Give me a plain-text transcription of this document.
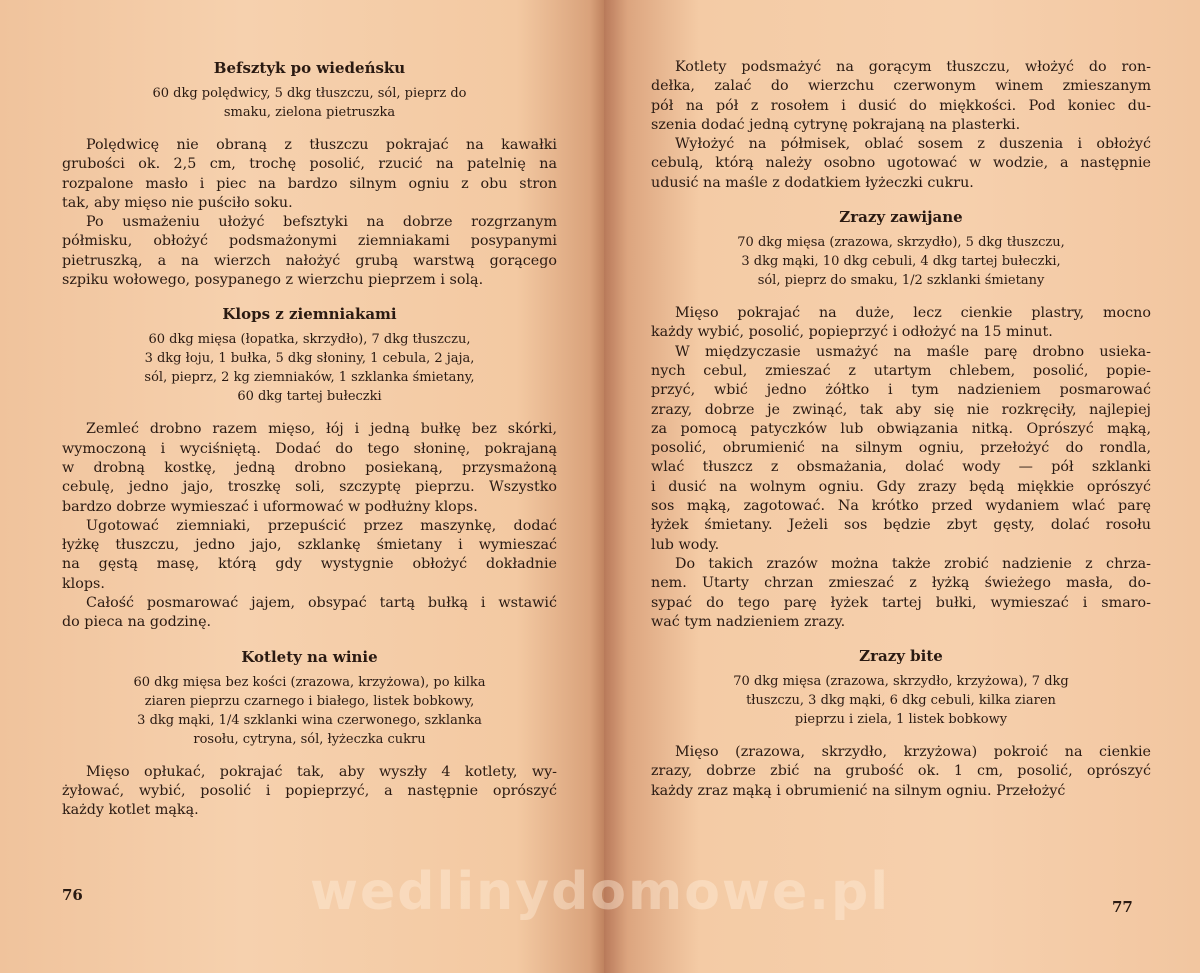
Befsztyk po wiedeńsku
60 dkg polędwicy, 5 dkg tłuszczu, sól, pieprz do
smaku, zielona pietruszka
Polędwicę nie obraną z tłuszczu pokrajać na kawałki
grubości ok. 2,5 cm, trochę posolić, rzucić na patelnię na
rozpalone masło i piec na bardzo silnym ogniu z obu stron
tak, aby mięso nie puściło soku.
Po usmażeniu ułożyć befsztyki na dobrze rozgrzanym
półmisku, obłożyć podsmażonymi ziemniakami posypanymi
pietruszką, a na wierzch nałożyć grubą warstwą gorącego
szpiku wołowego, posypanego z wierzchu pieprzem i solą.
Klops z ziemniakami
60 dkg mięsa (łopatka, skrzydło), 7 dkg tłuszczu,
3 dkg łoju, 1 bułka, 5 dkg słoniny, 1 cebula, 2 jaja,
sól, pieprz, 2 kg ziemniaków, 1 szklanka śmietany,
60 dkg tartej bułeczki
Zemleć drobno razem mięso, łój i jedną bułkę bez skórki,
wymoczoną i wyciśniętą. Dodać do tego słoninę, pokrajaną
w drobną kostkę, jedną drobno posiekaną, przysmażoną
cebulę, jedno jajo, troszkę soli, szczyptę pieprzu. Wszystko
bardzo dobrze wymieszać i uformować w podłużny klops.
Ugotować ziemniaki, przepuścić przez maszynkę, dodać
łyżkę tłuszczu, jedno jajo, szklankę śmietany i wymieszać
na gęstą masę, którą gdy wystygnie obłożyć dokładnie
klops.
Całość posmarować jajem, obsypać tartą bułką i wstawić
do pieca na godzinę.
Kotlety na winie
60 dkg mięsa bez kości (zrazowa, krzyżowa), po kilka
ziaren pieprzu czarnego i białego, listek bobkowy,
3 dkg mąki, 1/4 szklanki wina czerwonego, szklanka
rosołu, cytryna, sól, łyżeczka cukru
Mięso opłukać, pokrajać tak, aby wyszły 4 kotlety, wy-
żyłować, wybić, posolić i popieprzyć, a następnie oprószyć
każdy kotlet mąką.
76
Kotlety podsmażyć na gorącym tłuszczu, włożyć do ron-
dełka, zalać do wierzchu czerwonym winem zmieszanym
pół na pół z rosołem i dusić do miękkości. Pod koniec du-
szenia dodać jedną cytrynę pokrajaną na plasterki.
Wyłożyć na półmisek, oblać sosem z duszenia i obłożyć
cebulą, którą należy osobno ugotować w wodzie, a następnie
udusić na maśle z dodatkiem łyżeczki cukru.
Zrazy zawijane
70 dkg mięsa (zrazowa, skrzydło), 5 dkg tłuszczu,
3 dkg mąki, 10 dkg cebuli, 4 dkg tartej bułeczki,
sól, pieprz do smaku, 1/2 szklanki śmietany
Mięso pokrajać na duże, lecz cienkie plastry, mocno
każdy wybić, posolić, popieprzyć i odłożyć na 15 minut.
W międzyczasie usmażyć na maśle parę drobno usieka-
nych cebul, zmieszać z utartym chlebem, posolić, popie-
przyć, wbić jedno żółtko i tym nadzieniem posmarować
zrazy, dobrze je zwinąć, tak aby się nie rozkręciły, najlepiej
za pomocą patyczków lub obwiązania nitką. Oprószyć mąką,
posolić, obrumienić na silnym ogniu, przełożyć do rondla,
wlać tłuszcz z obsmażania, dolać wody — pół szklanki
i dusić na wolnym ogniu. Gdy zrazy będą miękkie oprószyć
sos mąką, zagotować. Na krótko przed wydaniem wlać parę
łyżek śmietany. Jeżeli sos będzie zbyt gęsty, dolać rosołu
lub wody.
Do takich zrazów można także zrobić nadzienie z chrza-
nem. Utarty chrzan zmieszać z łyżką świeżego masła, do-
sypać do tego parę łyżek tartej bułki, wymieszać i smaro-
wać tym nadzieniem zrazy.
Zrazy bite
70 dkg mięsa (zrazowa, skrzydło, krzyżowa), 7 dkg
tłuszczu, 3 dkg mąki, 6 dkg cebuli, kilka ziaren
pieprzu i ziela, 1 listek bobkowy
Mięso (zrazowa, skrzydło, krzyżowa) pokroić na cienkie
zrazy, dobrze zbić na grubość ok. 1 cm, posolić, oprószyć
każdy zraz mąką i obrumienić na silnym ogniu. Przełożyć
77
wedlinydomowe.pl
